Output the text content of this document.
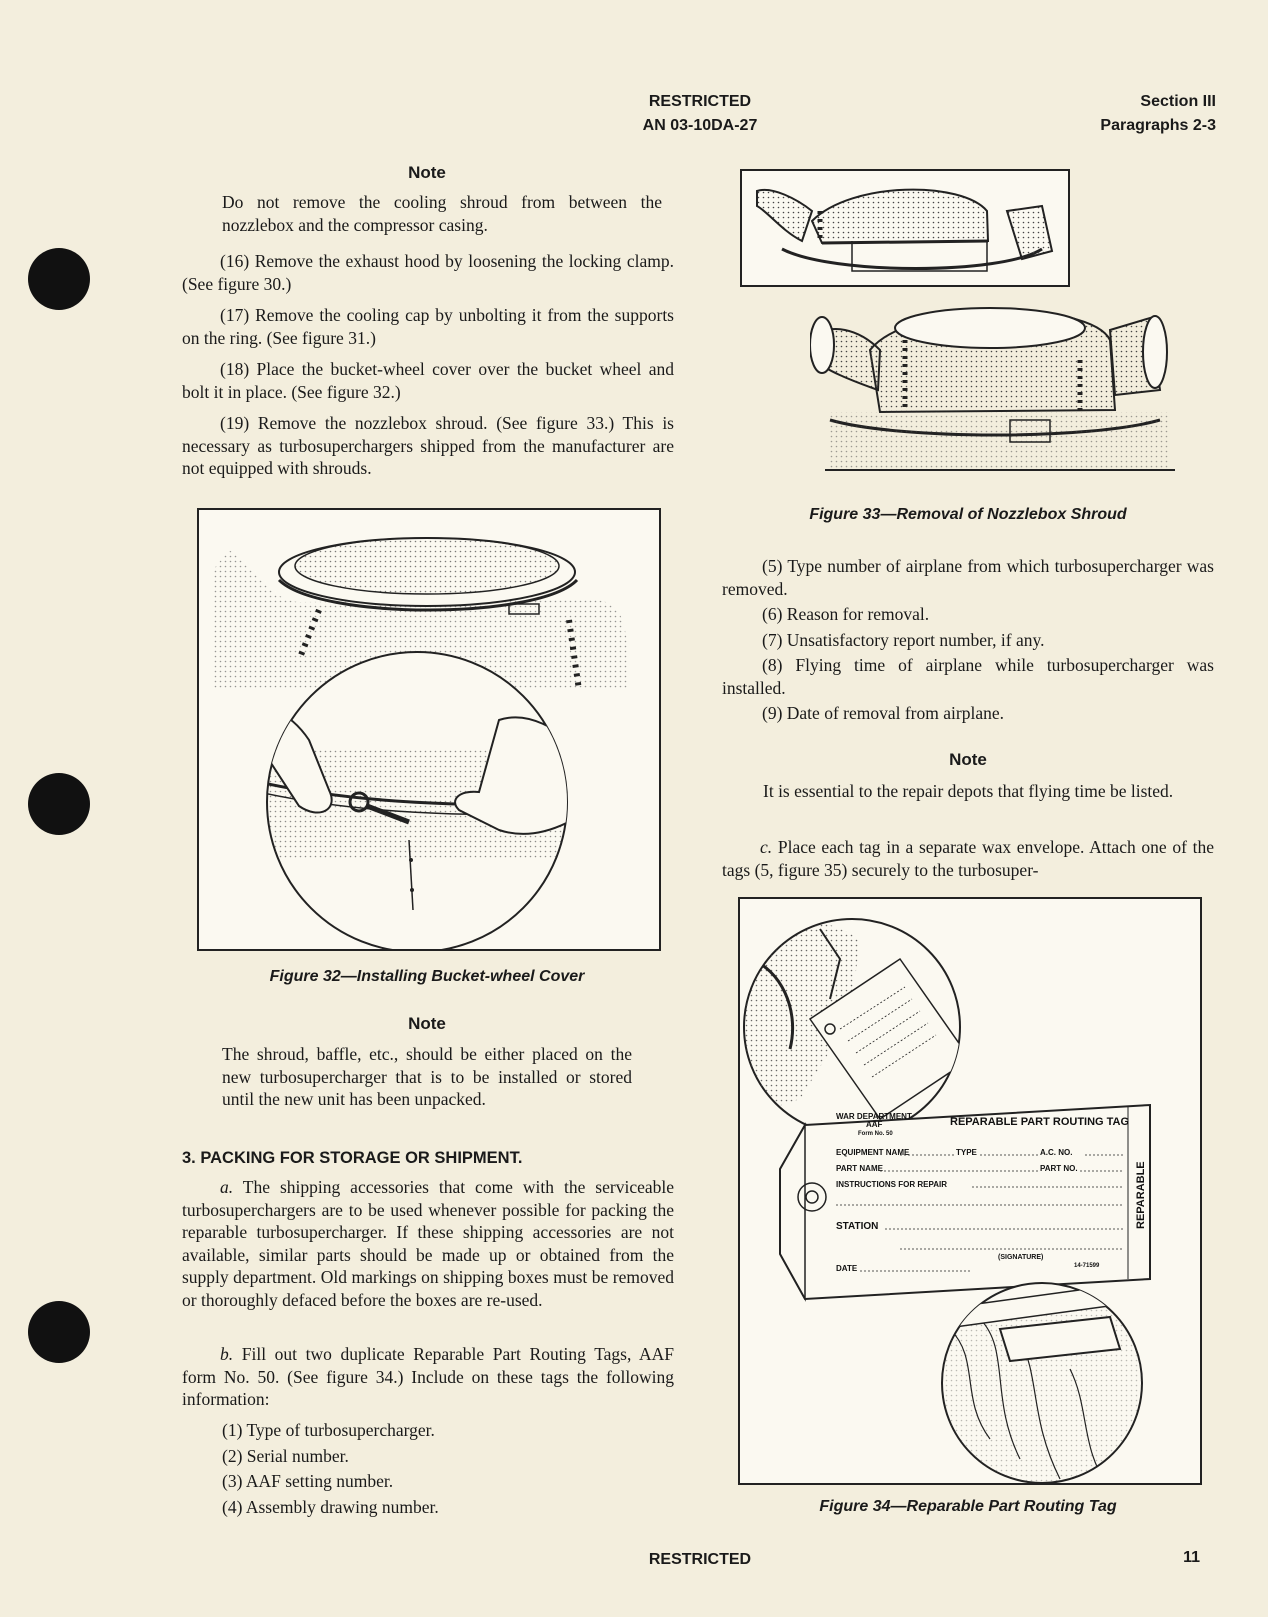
RESTRICTED
AN 03-10DA-27
Section III
Paragraphs 2-3
Note

Do not remove the cooling shroud from between the nozzlebox and the compressor casing.

(16) Remove the exhaust hood by loosening the locking clamp. (See figure 30.)

(17) Remove the cooling cap by unbolting it from the supports on the ring. (See figure 31.)

(18) Place the bucket-wheel cover over the bucket wheel and bolt it in place. (See figure 32.)

(19) Remove the nozzlebox shroud. (See figure 33.) This is necessary as turbosuperchargers shipped from the manufacturer are not equipped with shrouds.

Figure 32—Installing Bucket-wheel Cover
Note

The shroud, baffle, etc., should be either placed on the new turbosupercharger that is to be installed or stored until the new unit has been unpacked.

3. PACKING FOR STORAGE OR SHIPMENT.

a. The shipping accessories that come with the serviceable turbosuperchargers are to be used whenever possible for packing the reparable turbosupercharger. If these shipping accessories are not available, similar parts should be made up or obtained from the supply department. Old markings on shipping boxes must be removed or thoroughly defaced before the boxes are re-used.

b. Fill out two duplicate Reparable Part Routing Tags, AAF form No. 50. (See figure 34.) Include on these tags the following information:

(1) Type of turbosupercharger.

(2) Serial number.

(3) AAF setting number.

(4) Assembly drawing number.

Figure 33—Removal of Nozzlebox Shroud

(5) Type number of airplane from which turbosupercharger was removed.

(6) Reason for removal.

(7) Unsatisfactory report number, if any.

(8) Flying time of airplane while turbosupercharger was installed.

(9) Date of removal from airplane.

Note

It is essential to the repair depots that flying time be listed.

c. Place each tag in a separate wax envelope. Attach one of the tags (5, figure 35) securely to the turbosuper-

WAR DEPARTMENT
AAF
Form No. 50
REPARABLE PART ROUTING TAG
EQUIPMENT NAME	TYPE	A.C. NO.
PART NAME	PART NO.
INSTRUCTIONS FOR REPAIR
STATION
(SIGNATURE)
DATE	14-71599
REPARABLE
Figure 34—Reparable Part Routing Tag
RESTRICTED	11
